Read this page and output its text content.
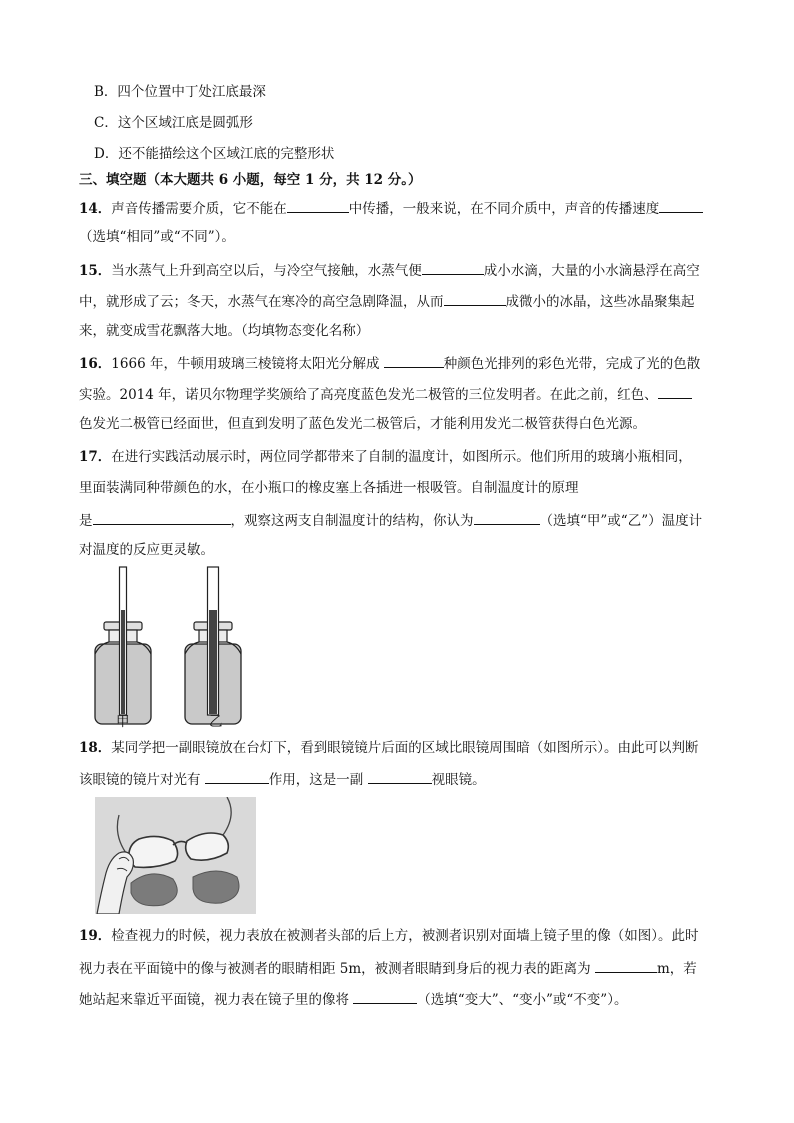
B．四个位置中丁处江底最深
C．这个区域江底是圆弧形
D．还不能描绘这个区域江底的完整形状
三、填空题（本大题共 6 小题，每空 1 分，共 12 分。）
14．声音传播需要介质，它不能在	中传播，一般来说，在不同介质中，声音的传播速度
（选填“相同”或“不同”）。
15．当水蒸气上升到高空以后，与冷空气接触，水蒸气便	成小水滴，大量的小水滴悬浮在高空
中，就形成了云；冬天，水蒸气在寒冷的高空急剧降温，从而	成微小的冰晶，这些冰晶聚集起
来，就变成雪花飘落大地。（均填物态变化名称）
16．1666 年，牛顿用玻璃三棱镜将太阳光分解成	种颜色光排列的彩色光带，完成了光的色散
实验。2014 年，诺贝尔物理学奖颁给了高亮度蓝色发光二极管的三位发明者。在此之前，红色、
色发光二极管已经面世，但直到发明了蓝色发光二极管后，才能利用发光二极管获得白色光源。
17．在进行实践活动展示时，两位同学都带来了自制的温度计，如图所示。他们所用的玻璃小瓶相同，
里面装满同种带颜色的水，在小瓶口的橡皮塞上各插进一根吸管。自制温度计的原理
是	，观察这两支自制温度计的结构，你认为	（选填“甲”或“乙”）温度计
对温度的反应更灵敏。
甲	乙
18．某同学把一副眼镜放在台灯下，看到眼镜镜片后面的区域比眼镜周围暗（如图所示）。由此可以判断
该眼镜的镜片对光有	作用，这是一副	视眼镜。
19．检查视力的时候，视力表放在被测者头部的后上方，被测者识别对面墙上镜子里的像（如图）。此时
视力表在平面镜中的像与被测者的眼睛相距 5m，被测者眼睛到身后的视力表的距离为	m，若
她站起来靠近平面镜，视力表在镜子里的像将	（选填“变大”、“变小”或“不变”）。
